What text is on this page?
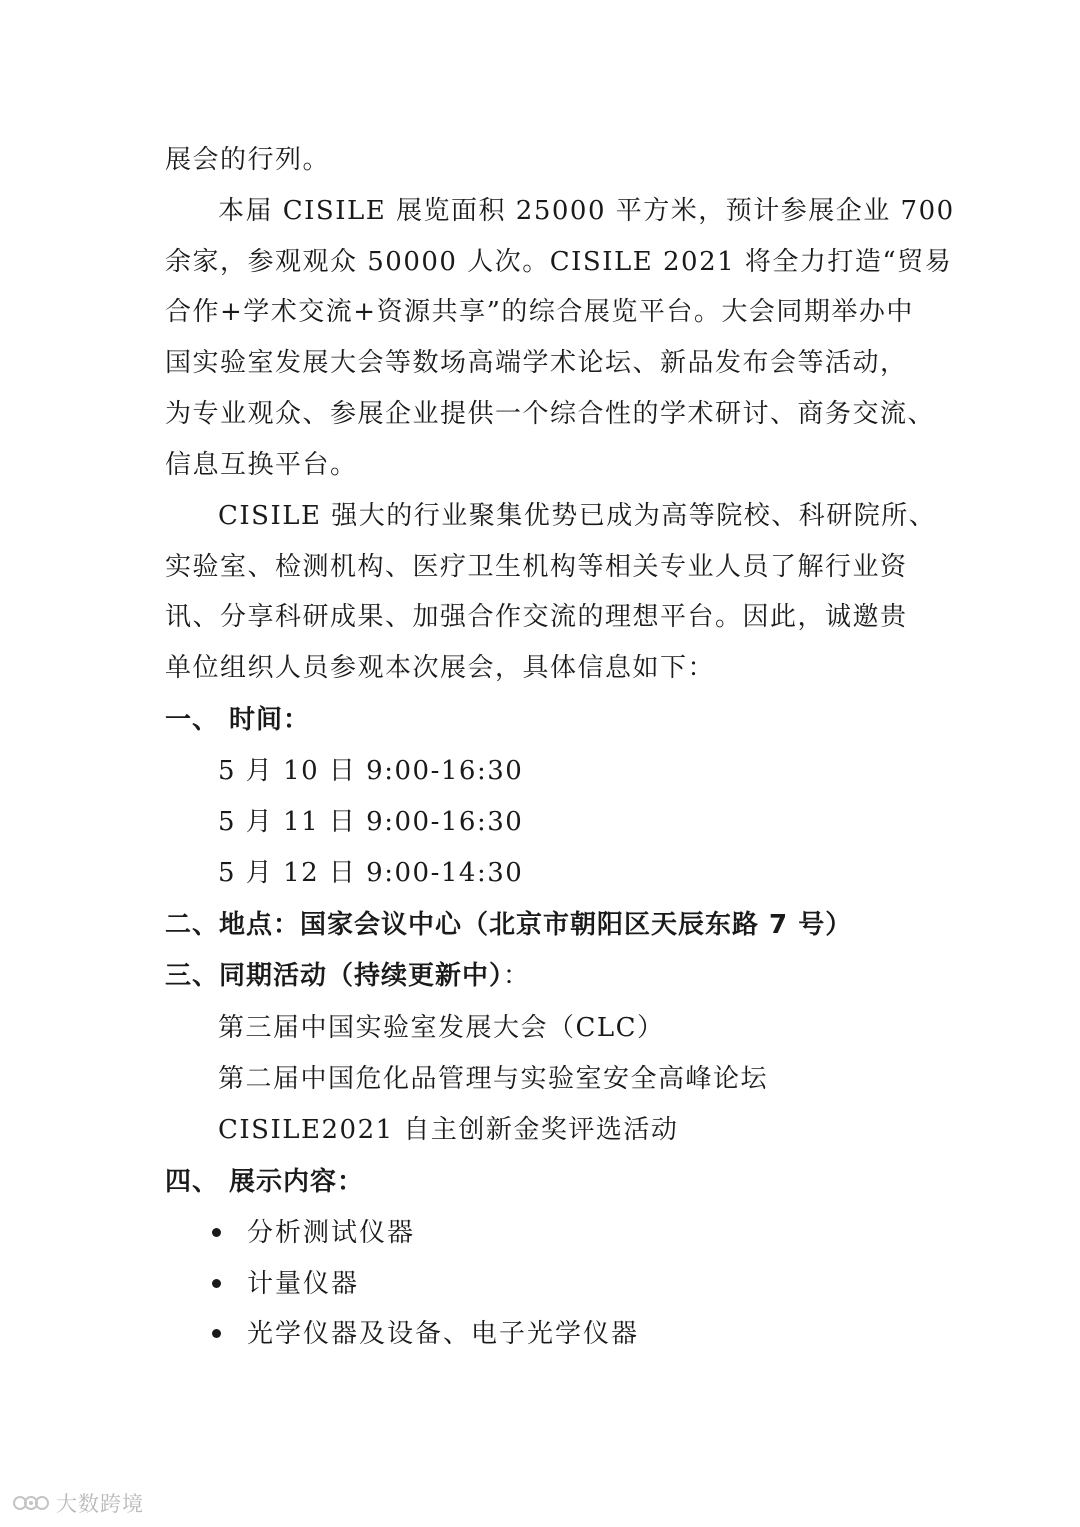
展会的行列。
本届 CISILE 展览面积 25000 平方米，预计参展企业 700
余家，参观观众 50000 人次。CISILE 2021 将全力打造“贸易
合作+学术交流+资源共享”的综合展览平台。大会同期举办中
国实验室发展大会等数场高端学术论坛、新品发布会等活动，
为专业观众、参展企业提供一个综合性的学术研讨、商务交流、
信息互换平台。
CISILE 强大的行业聚集优势已成为高等院校、科研院所、
实验室、检测机构、医疗卫生机构等相关专业人员了解行业资
讯、分享科研成果、加强合作交流的理想平台。因此，诚邀贵
单位组织人员参观本次展会，具体信息如下：
一、 时间：
5 月 10 日 9:00-16:30
5 月 11 日 9:00-16:30
5 月 12 日 9:00-14:30
二、地点：国家会议中心（北京市朝阳区天辰东路 7 号）
三、同期活动（持续更新中）：
第三届中国实验室发展大会（CLC）
第二届中国危化品管理与实验室安全高峰论坛
CISILE2021 自主创新金奖评选活动
四、 展示内容：
分析测试仪器
计量仪器
光学仪器及设备、电子光学仪器
大数跨境
